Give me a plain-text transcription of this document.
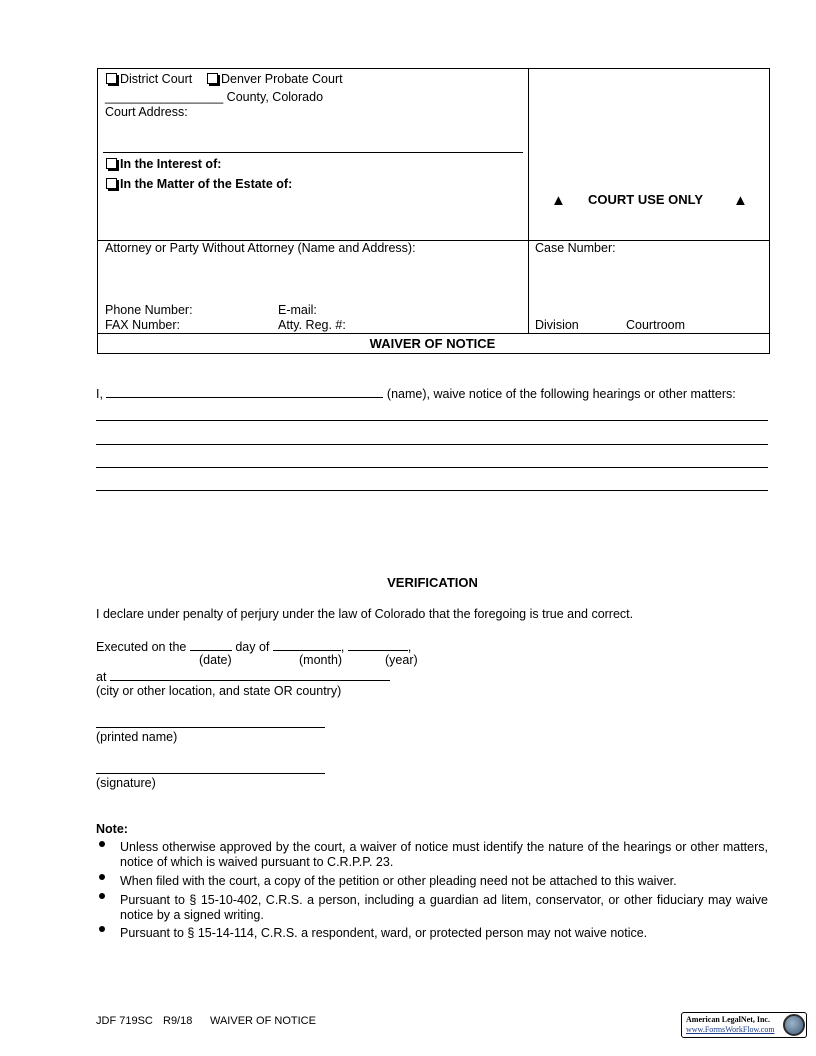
District Court	Denver Probate Court
_________________ County, Colorado
Court Address:
In the Interest of:
In the Matter of the Estate of:
▲ COURT USE ONLY ▲
Attorney or Party Without Attorney (Name and Address):
Phone Number:	E-mail:
FAX Number:	Atty. Reg. #:
Case Number:
Division	Courtroom
WAIVER OF NOTICE
I,	(name), waive notice of the following hearings or other matters:
VERIFICATION
I declare under penalty of perjury under the law of Colorado that the foregoing is true and correct.
Executed on the	day of	,	,
(date)	(month)	(year)
at
(city or other location, and state OR country)
(printed name)
(signature)
Note:
Unless otherwise approved by the court, a waiver of notice must identify the nature of the hearings or other matters, notice of which is waived pursuant to C.R.P.P. 23.
When filed with the court, a copy of the petition or other pleading need not be attached to this waiver.
Pursuant to § 15-10-402, C.R.S. a person, including a guardian ad litem, conservator, or other fiduciary may waive notice by a signed writing.
Pursuant to § 15-14-114, C.R.S. a respondent, ward, or protected person may not waive notice.
JDF 719SC R9/18 WAIVER OF NOTICE	American LegalNet, Inc.
www.FormsWorkFlow.com
